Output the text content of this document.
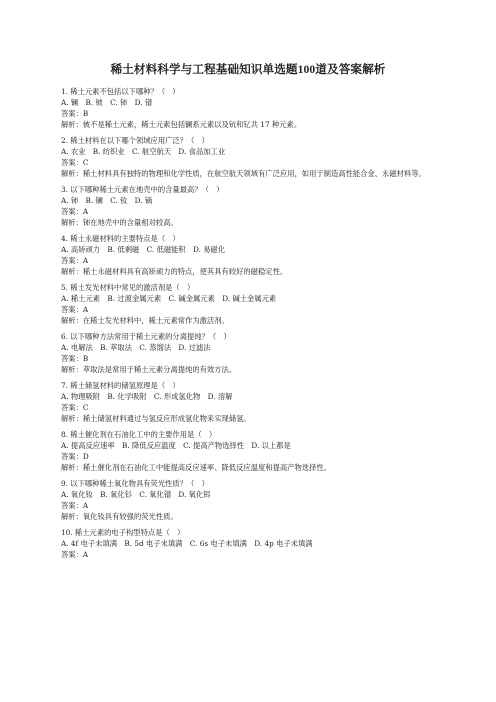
稀土材料科学与工程基础知识单选题100道及答案解析
1. 稀土元素不包括以下哪种？（　）
A. 镧　B. 铍　C. 铈　D. 镨
答案：B
解析：铍不是稀土元素，稀土元素包括镧系元素以及钪和钇共 17 种元素。
2. 稀土材料在以下哪个领域应用广泛？（　）
A. 农业　B. 纺织业　C. 航空航天　D. 食品加工业
答案：C
解析：稀土材料具有独特的物理和化学性质，在航空航天领域有广泛应用，如用于制造高性能合金、永磁材料等。
3. 以下哪种稀土元素在地壳中的含量最高？（　）
A. 铈　B. 镧　C. 钕　D. 镝
答案：A
解析：铈在地壳中的含量相对较高。
4. 稀土永磁材料的主要特点是（　）
A. 高矫顽力　B. 低剩磁　C. 低磁能积　D. 易磁化
答案：A
解析：稀土永磁材料具有高矫顽力的特点，使其具有较好的磁稳定性。
5. 稀土发光材料中常见的激活剂是（　）
A. 稀土元素　B. 过渡金属元素　C. 碱金属元素　D. 碱土金属元素
答案：A
解析：在稀土发光材料中，稀土元素常作为激活剂。
6. 以下哪种方法常用于稀土元素的分离提纯？（　）
A. 电解法　B. 萃取法　C. 蒸馏法　D. 过滤法
答案：B
解析：萃取法是常用于稀土元素分离提纯的有效方法。
7. 稀土储氢材料的储氢原理是（　）
A. 物理吸附　B. 化学吸附　C. 形成氢化物　D. 溶解
答案：C
解析：稀土储氢材料通过与氢反应形成氢化物来实现储氢。
8. 稀土催化剂在石油化工中的主要作用是（　）
A. 提高反应速率　B. 降低反应温度　C. 提高产物选择性　D. 以上都是
答案：D
解析：稀土催化剂在石油化工中能提高反应速率、降低反应温度和提高产物选择性。
9. 以下哪种稀土氧化物具有荧光性质？（　）
A. 氧化钕　B. 氧化钐　C. 氧化镨　D. 氧化铒
答案：A
解析：氧化钕具有较强的荧光性质。
10. 稀土元素的电子构型特点是（　）
A. 4f 电子未填满　B. 5d 电子未填满　C. 6s 电子未填满　D. 4p 电子未填满
答案：A
